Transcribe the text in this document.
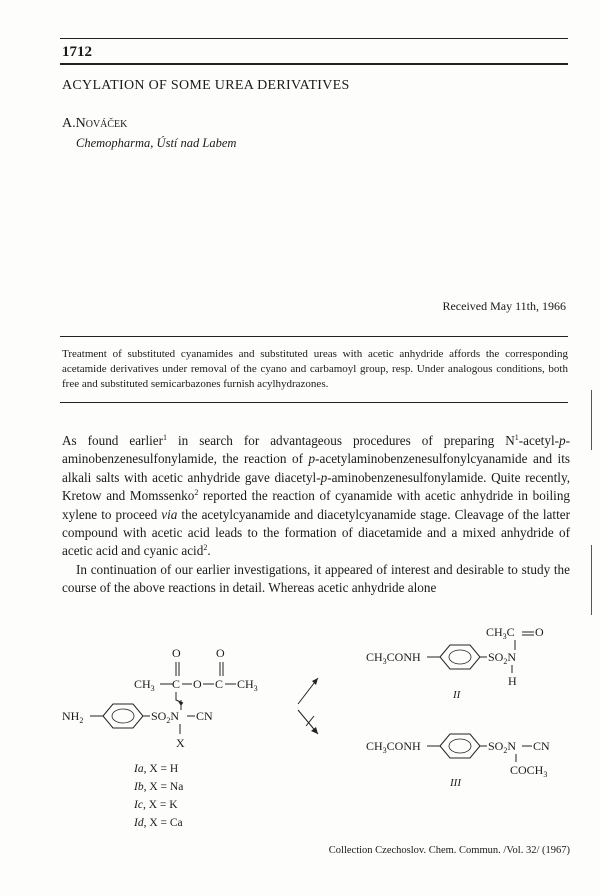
1712
ACYLATION OF SOME UREA DERIVATIVES
A.Nováček
Chemopharma, Ústí nad Labem
Received May 11th, 1966
Treatment of substituted cyanamides and substituted ureas with acetic anhydride affords the corresponding acetamide derivatives under removal of the cyano and carbamoyl group, resp. Under analogous conditions, both free and substituted semicarbazones furnish acylhydrazones.

As found earlier$^1$ in search for advantageous procedures of preparing $N^1-acetyl-p$-aminobenzenesulfonylamide, the reaction of p-acetylaminobenzenesulfonylcyanamide and its alkali salts with acetic anhydride gave diacetyl-p-aminobenzenesulfonylamide. Quite recently, Kretow and Momssenko$^2$ reported the reaction of cyanamide with acetic anhydride in boiling xylene to proceed via the acetylcyanamide and diacetylcyanamide stage. Cleavage of the latter compound with acetic acid leads to the formation of diacetamide and a mixed anhydride of acetic acid and cyanic acid$^2$.

In continuation of our earlier investigations, it appeared of interest and desirable to study the course of the above reactions in detail. Whereas acetic anhydride alone

O	O
$CH_3$ C O C $CH_3$
$NH_2$	$SO_2N$ CN
X
$CH_3C$ O
$CH_3CONH$	$SO_2N$
H
II
$CH_3CONH$	$SO_2N$ CN
$COCH_3$
III
Ia, X = H
Ib, X = Na
Ic, X = K
Id, X = Ca
Collection Czechoslov. Chem. Commun. /Vol. 32/ (1967)
